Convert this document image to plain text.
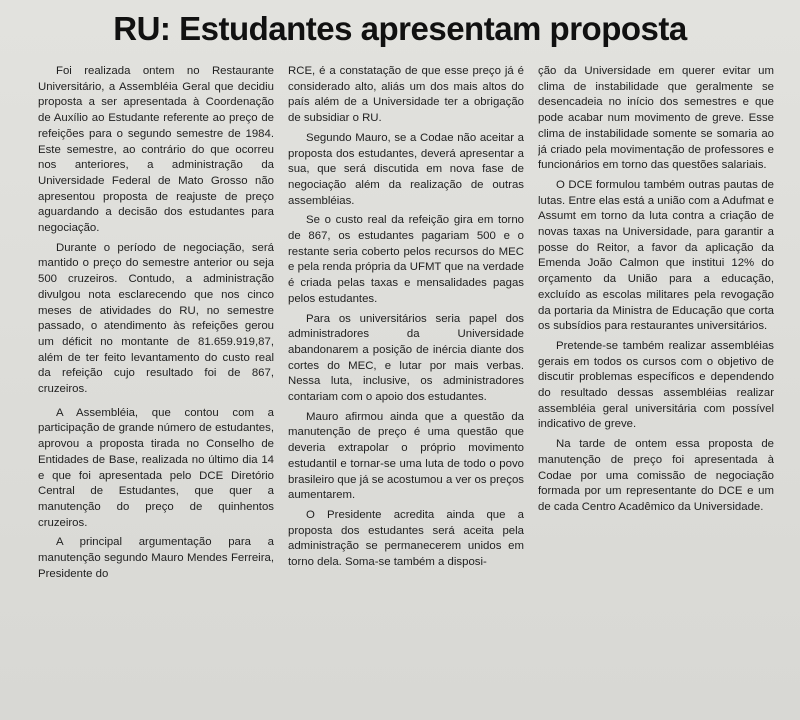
RU: Estudantes apresentam proposta

Foi realizada ontem no Restaurante Universitário, a Assembléia Geral que decidiu proposta a ser apresentada à Coordenação de Auxílio ao Estudante referente ao preço de refeições para o segundo semestre de 1984. Este semestre, ao contrário do que ocorreu nos anteriores, a administração da Universidade Federal de Mato Grosso não apresentou proposta de reajuste de preço aguardando a decisão dos estudantes para negociação.

Durante o período de negociação, será mantido o preço do semestre anterior ou seja 500 cruzeiros. Contudo, a administração divulgou nota esclarecendo que nos cinco meses de atividades do RU, no semestre passado, o atendimento às refeições gerou um déficit no montante de 81.659.919,87, além de ter feito levantamento do custo real da refeição cujo resultado foi de 867, cruzeiros.

A Assembléia, que contou com a participação de grande número de estudantes, aprovou a proposta tirada no Conselho de Entidades de Base, realizada no último dia 14 e que foi apresentada pelo DCE Diretório Central de Estudantes, que quer a manutenção do preço de quinhentos cruzeiros.

A principal argumentação para a manutenção segundo Mauro Mendes Ferreira, Presidente do

RCE, é a constatação de que esse preço já é considerado alto, aliás um dos mais altos do país além de a Universidade ter a obrigação de subsidiar o RU.

Segundo Mauro, se a Codae não aceitar a proposta dos estudantes, deverá apresentar a sua, que será discutida em nova fase de negociação além da realização de outras assembléias.

Se o custo real da refeição gira em torno de 867, os estudantes pagariam 500 e o restante seria coberto pelos recursos do MEC e pela renda própria da UFMT que na verdade é criada pelas taxas e mensalidades pagas pelos estudantes.

Para os universitários seria papel dos administradores da Universidade abandonarem a posição de inércia diante dos cortes do MEC, e lutar por mais verbas. Nessa luta, inclusive, os administradores contariam com o apoio dos estudantes.

Mauro afirmou ainda que a questão da manutenção de preço é uma questão que deveria extrapolar o próprio movimento estudantil e tornar-se uma luta de todo o povo brasileiro que já se acostumou a ver os preços aumentarem.

O Presidente acredita ainda que a proposta dos estudantes será aceita pela administração se permanecerem unidos em torno dela. Soma-se também a disposi-

ção da Universidade em querer evitar um clima de instabilidade que geralmente se desencadeia no início dos semestres e que pode acabar num movimento de greve. Esse clima de instabilidade somente se somaria ao já criado pela movimentação de professores e funcionários em torno das questões salariais.

O DCE formulou também outras pautas de lutas. Entre elas está a união com a Adufmat e Assumt em torno da luta contra a criação de novas taxas na Universidade, para garantir a posse do Reitor, a favor da aplicação da Emenda João Calmon que institui 12% do orçamento da União para a educação, excluído as escolas militares pela revogação da portaria da Ministra de Educação que corta os subsídios para restaurantes universitários.

Pretende-se também realizar assembléias gerais em todos os cursos com o objetivo de discutir problemas específicos e dependendo do resultado dessas assembléias realizar assembléia geral universitária com possível indicativo de greve.

Na tarde de ontem essa proposta de manutenção de preço foi apresentada à Codae por uma comissão de negociação formada por um representante do DCE e um de cada Centro Acadêmico da Universidade.
